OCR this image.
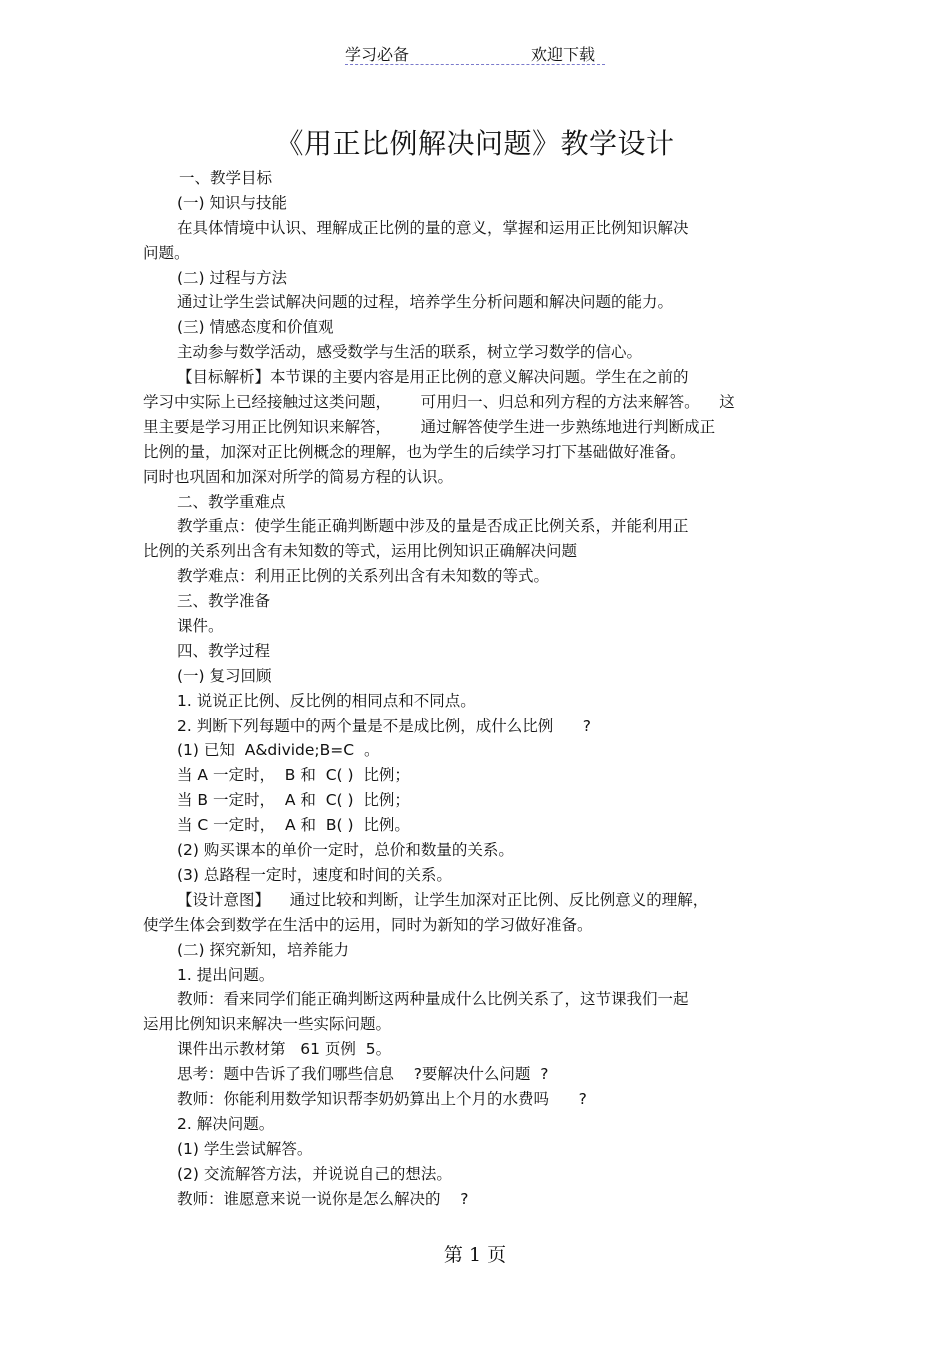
学习必备	欢迎下载
《用正比例解决问题》教学设计
一、教学目标
(一) 知识与技能
在具体情境中认识、理解成正比例的量的意义，掌握和运用正比例知识解决
问题。
(二) 过程与方法
通过让学生尝试解决问题的过程，培养学生分析问题和解决问题的能力。
(三) 情感态度和价值观
主动参与数学活动，感受数学与生活的联系，树立学习数学的信心。
【目标解析】本节课的主要内容是用正比例的意义解决问题。学生在之前的
学习中实际上已经接触过这类问题，      可用归一、归总和列方程的方法来解答。    这
里主要是学习用正比例知识来解答，      通过解答使学生进一步熟练地进行判断成正
比例的量，加深对正比例概念的理解，也为学生的后续学习打下基础做好准备。
同时也巩固和加深对所学的简易方程的认识。
二、教学重难点
教学重点：使学生能正确判断题中涉及的量是否成正比例关系，并能利用正
比例的关系列出含有未知数的等式，运用比例知识正确解决问题
教学难点：利用正比例的关系列出含有未知数的等式。
三、教学准备
课件。
四、教学过程
(一) 复习回顾
1. 说说正比例、反比例的相同点和不同点。
2. 判断下列每题中的两个量是不是成比例，成什么比例      ?
(1) 已知  A&divide;B=C  。
当 A 一定时，  B 和  C( )  比例；
当 B 一定时，  A 和  C( )  比例；
当 C 一定时，  A 和  B( )  比例。
(2) 购买课本的单价一定时，总价和数量的关系。
(3) 总路程一定时，速度和时间的关系。
【设计意图】    通过比较和判断，让学生加深对正比例、反比例意义的理解，
使学生体会到数学在生活中的运用，同时为新知的学习做好准备。
(二) 探究新知，培养能力
1. 提出问题。
教师：看来同学们能正确判断这两种量成什么比例关系了，这节课我们一起
运用比例知识来解决一些实际问题。
课件出示教材第   61 页例  5。
思考：题中告诉了我们哪些信息    ?要解决什么问题  ?
教师：你能利用数学知识帮李奶奶算出上个月的水费吗      ?
2. 解决问题。
(1) 学生尝试解答。
(2) 交流解答方法，并说说自己的想法。
教师：谁愿意来说一说你是怎么解决的    ?
第 1 页
